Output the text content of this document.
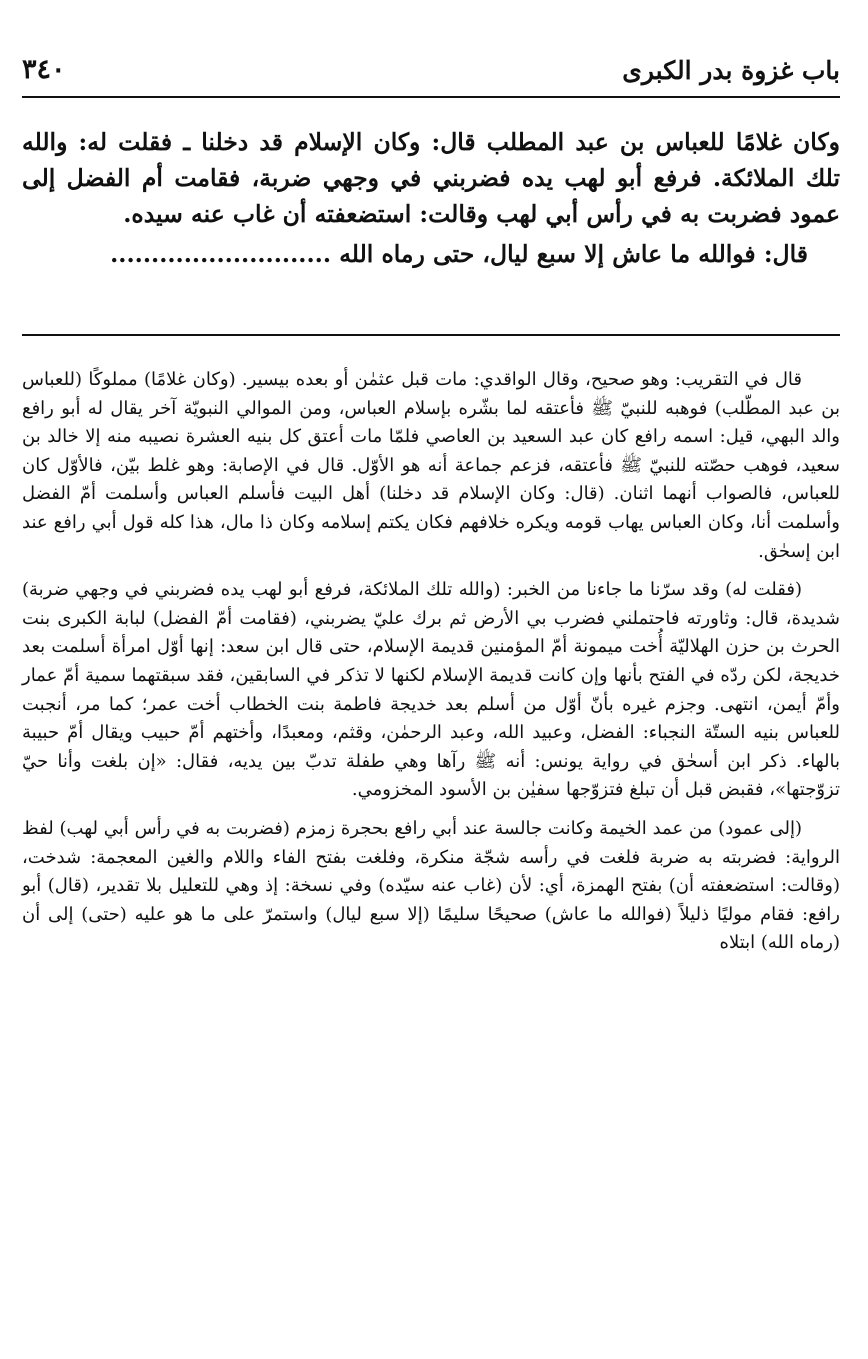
باب غزوة بدر الكبرى
٣٤٠

وكان غلامًا للعباس بن عبد المطلب قال: وكان الإسلام قد دخلنا ـ فقلت له: والله تلك الملائكة. فرفع أبو لهب يده فضربني في وجهي ضربة، فقامت أم الفضل إلى عمود فضربت به في رأس أبي لهب وقالت: استضعفته أن غاب عنه سيده.

قال: فوالله ما عاش إلا سبع ليال، حتى رماه الله ...........................

قال في التقريب: وهو صحيح، وقال الواقدي: مات قبل عثمٰن أو بعده بيسير. (وكان غلامًا) مملوكًا (للعباس بن عبد المطّلب) فوهبه للنبيّ ﷺ فأعتقه لما بشّره بإسلام العباس، ومن الموالي النبويّة آخر يقال له أبو رافع والد البهي، قيل: اسمه رافع كان عبد السعيد بن العاصي فلمّا مات أعتق كل بنيه العشرة نصيبه منه إلا خالد بن سعيد، فوهب حصّته للنبيّ ﷺ فأعتقه، فزعم جماعة أنه هو الأوّل. قال في الإصابة: وهو غلط بيّن، فالأوّل كان للعباس، فالصواب أنهما اثنان. (قال: وكان الإسلام قد دخلنا) أهل البيت فأسلم العباس وأسلمت أمّ الفضل وأسلمت أنا، وكان العباس يهاب قومه ويكره خلافهم فكان يكتم إسلامه وكان ذا مال، هذا كله قول أبي رافع عند ابن إسحٰق.

(فقلت له) وقد سرّنا ما جاءنا من الخبر: (والله تلك الملائكة، فرفع أبو لهب يده فضربني في وجهي ضربة) شديدة، قال: وثاورته فاحتملني فضرب بي الأرض ثم برك عليّ يضربني، (فقامت أمّ الفضل) لبابة الكبرى بنت الحرث بن حزن الهلاليّة أُخت ميمونة أمّ المؤمنين قديمة الإسلام، حتى قال ابن سعد: إنها أوّل امرأة أسلمت بعد خديجة، لكن ردّه في الفتح بأنها وإن كانت قديمة الإسلام لكنها لا تذكر في السابقين، فقد سبقتهما سمية أمّ عمار وأمّ أيمن، انتهى. وجزم غيره بأنّ أوّل من أسلم بعد خديجة فاطمة بنت الخطاب أخت عمر؛ كما مر، أنجبت للعباس بنيه الستّة النجباء: الفضل، وعبيد الله، وعبد الرحمٰن، وقثم، ومعبدًا، وأختهم أمّ حبيب ويقال أمّ حبيبة بالهاء. ذكر ابن أسحٰق في رواية يونس: أنه ﷺ رآها وهي طفلة تدبّ بين يديه، فقال: «إن بلغت وأنا حيّ تزوّجتها»، فقبض قبل أن تبلغ فتزوّجها سفيٰن بن الأسود المخزومي.

(إلى عمود) من عمد الخيمة وكانت جالسة عند أبي رافع بحجرة زمزم (فضربت به في رأس أبي لهب) لفظ الرواية: فضربته به ضربة فلغت في رأسه شجّة منكرة، وفلغت بفتح الفاء واللام والغين المعجمة: شدخت، (وقالت: استضعفته أن) بفتح الهمزة، أي: لأن (غاب عنه سيّده) وفي نسخة: إذ وهي للتعليل بلا تقدير، (قال) أبو رافع: فقام موليًا ذليلاً (فوالله ما عاش) صحيحًا سليمًا (إلا سبع ليال) واستمرّ على ما هو عليه (حتى) إلى أن (رماه الله) ابتلاه
